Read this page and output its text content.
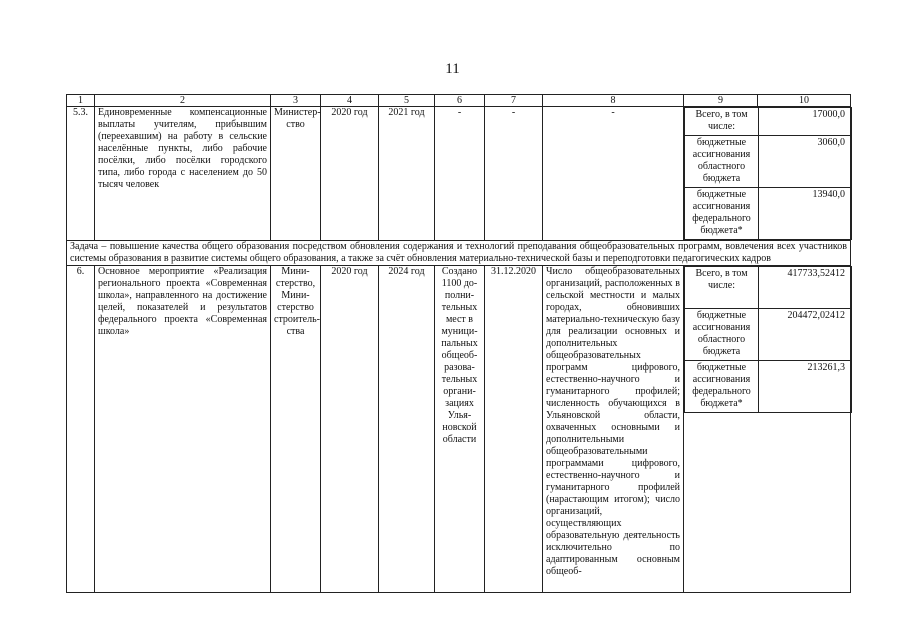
11
1	2	3	4	5	6	7	8	9	10
5.3.	Единовременные компенсационные выплаты учителям, прибывшим (переехавшим) на работу в сельские населённые пункты, либо рабочие посёлки, либо посёлки городского типа, либо города с населением до 50 тысяч человек	Министер-ство	2020 год	2021 год	-	-	-		Всего, в том числе:	17000,0
бюджетные ассигнования областного бюджета	3060,0
бюджетные ассигнования федерального бюджета*	13940,0

Задача – повышение качества общего образования посредством обновления содержания и технологий преподавания общеобразовательных программ, вовлечения всех участников системы образования в развитие системы общего образования, а также за счёт обновления материально-технической базы и переподготовки педагогических кадров
6.	Основное мероприятие «Реализация регионального проекта «Современная школа», направленного на достижение целей, показателей и результатов федерального проекта «Современная школа»	Мини-стерство, Мини-стерство строитель-ства	2020 год	2024 год	Создано 1100 до-полни-тельных мест в муници-пальных общеоб-разова-тельных органи-зациях Улья-новской области	31.12.2020	Число общеобразовательных организаций, расположенных в сельской местности и малых городах, обновивших материально-техническую базу для реализации основных и дополнительных общеобразовательных программ цифрового, естественно-научного и гуманитарного профилей; численность обучающихся в Ульяновской области, охваченных основными и дополнительными общеобразовательными программами цифрового, естественно-научного и гуманитарного профилей (нарастающим итогом); число организаций, осуществляющих образовательную деятельность исключительно по адаптированным основным общеоб-	
Всего, в том числе:	417733,52412
бюджетные ассигнования областного бюджета	204472,02412
бюджетные ассигнования федерального бюджета*	213261,3
